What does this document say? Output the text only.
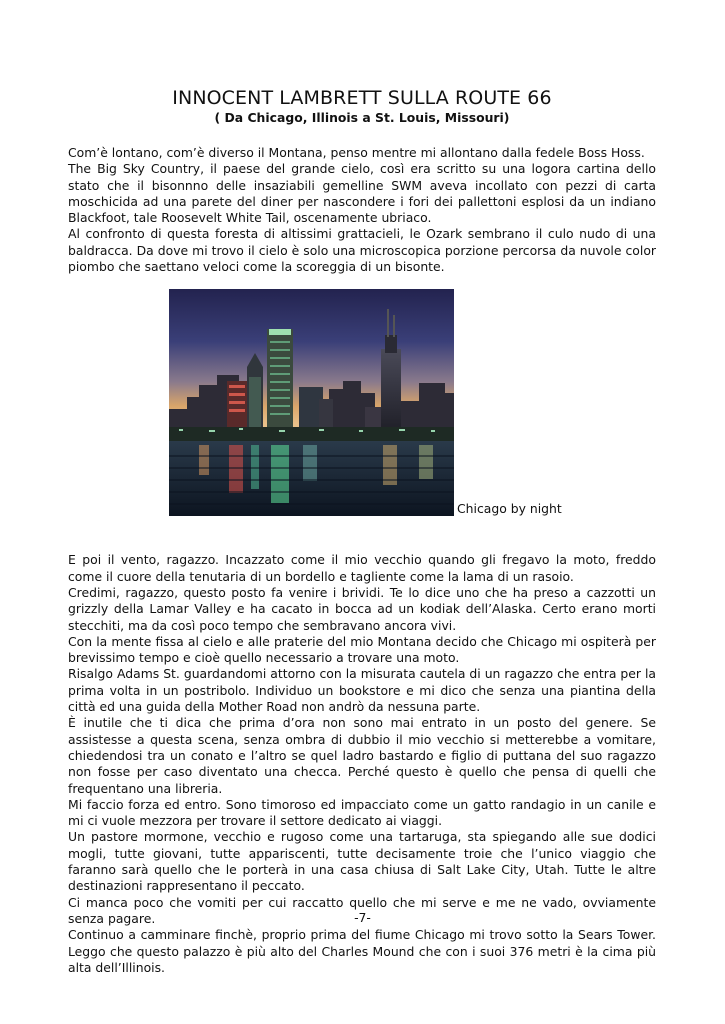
INNOCENT LAMBRETT SULLA ROUTE 66
( Da Chicago, Illinois a St. Louis, Missouri)

Com’è lontano, com’è diverso il Montana, penso mentre mi allontano dalla fedele Boss Hoss.

The Big Sky Country, il paese del grande cielo, così era scritto su una logora cartina dello stato che il bisonnno delle insaziabili gemelline SWM aveva incollato con pezzi di carta moschicida ad una parete del diner per nascondere i fori dei pallettoni esplosi da un indiano Blackfoot, tale Roosevelt White Tail, oscenamente ubriaco.

Al confronto di questa foresta di altissimi grattacieli, le Ozark sembrano il culo nudo di una baldracca. Da dove mi trovo il cielo è solo una microscopica porzione percorsa da nuvole color piombo che saettano veloci come la scoreggia di un bisonte.

Chicago by night

E poi il vento, ragazzo. Incazzato come il mio vecchio quando gli fregavo la moto, freddo come il cuore della tenutaria di un bordello e tagliente come la lama di un rasoio.

Credimi, ragazzo, questo posto fa venire i brividi. Te lo dice uno che ha preso a cazzotti un grizzly della Lamar Valley e ha cacato in bocca ad un kodiak dell’Alaska. Certo erano morti stecchiti, ma da così poco tempo che sembravano ancora vivi.

Con la mente fissa al cielo e alle praterie del mio Montana decido che Chicago mi ospiterà per brevissimo tempo e cioè quello necessario a trovare una moto.

Risalgo Adams St. guardandomi attorno con la misurata cautela di un ragazzo che entra per la prima volta in un postribolo. Individuo un bookstore e mi dico che senza una piantina della città ed una guida della Mother Road non andrò da nessuna parte.

È inutile che ti dica che prima d’ora non sono mai entrato in un posto del genere. Se assistesse a questa scena, senza ombra di dubbio il mio vecchio si metterebbe a vomitare, chiedendosi tra un conato e l’altro se quel ladro bastardo e figlio di puttana del suo ragazzo non fosse per caso diventato una checca. Perché questo è quello che pensa di quelli che frequentano una libreria.

Mi faccio forza ed entro. Sono timoroso ed impacciato come un gatto randagio in un canile e mi ci vuole mezzora per trovare il settore dedicato ai viaggi.

Un pastore mormone, vecchio e rugoso come una tartaruga, sta spiegando alle sue dodici mogli, tutte giovani, tutte appariscenti, tutte decisamente troie che l’unico viaggio che faranno sarà quello che le porterà in una casa chiusa di Salt Lake City, Utah. Tutte le altre destinazioni rappresentano il peccato.

Ci manca poco che vomiti per cui raccatto quello che mi serve e me ne vado, ovviamente senza pagare.

Continuo a camminare finchè, proprio prima del fiume Chicago mi trovo sotto la Sears Tower. Leggo che questo palazzo è più alto del Charles Mound che con i suoi 376 metri è la cima più alta dell’Illinois.

-7-
